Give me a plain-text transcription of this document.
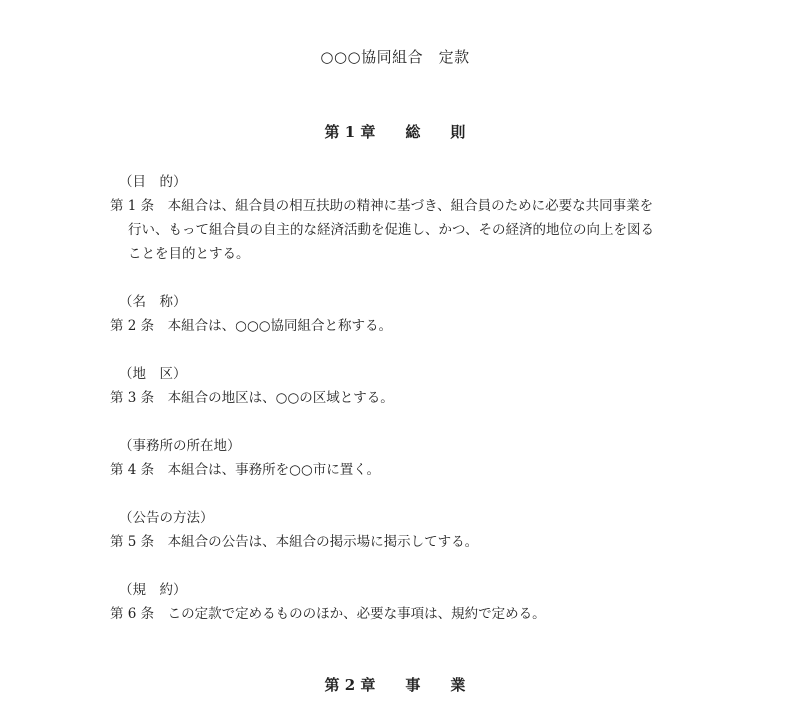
○○○協同組合　定款
第 1 章　　総　　則
（目　的）
第 1 条　本組合は、組合員の相互扶助の精神に基づき、組合員のために必要な共同事業を
行い、もって組合員の自主的な経済活動を促進し、かつ、その経済的地位の向上を図る
ことを目的とする。
（名　称）
第 2 条　本組合は、○○○協同組合と称する。
（地　区）
第 3 条　本組合の地区は、○○の区域とする。
（事務所の所在地）
第 4 条　本組合は、事務所を○○市に置く。
（公告の方法）
第 5 条　本組合の公告は、本組合の掲示場に掲示してする。
（規　約）
第 6 条　この定款で定めるもののほか、必要な事項は、規約で定める。
第 2 章　　事　　業
